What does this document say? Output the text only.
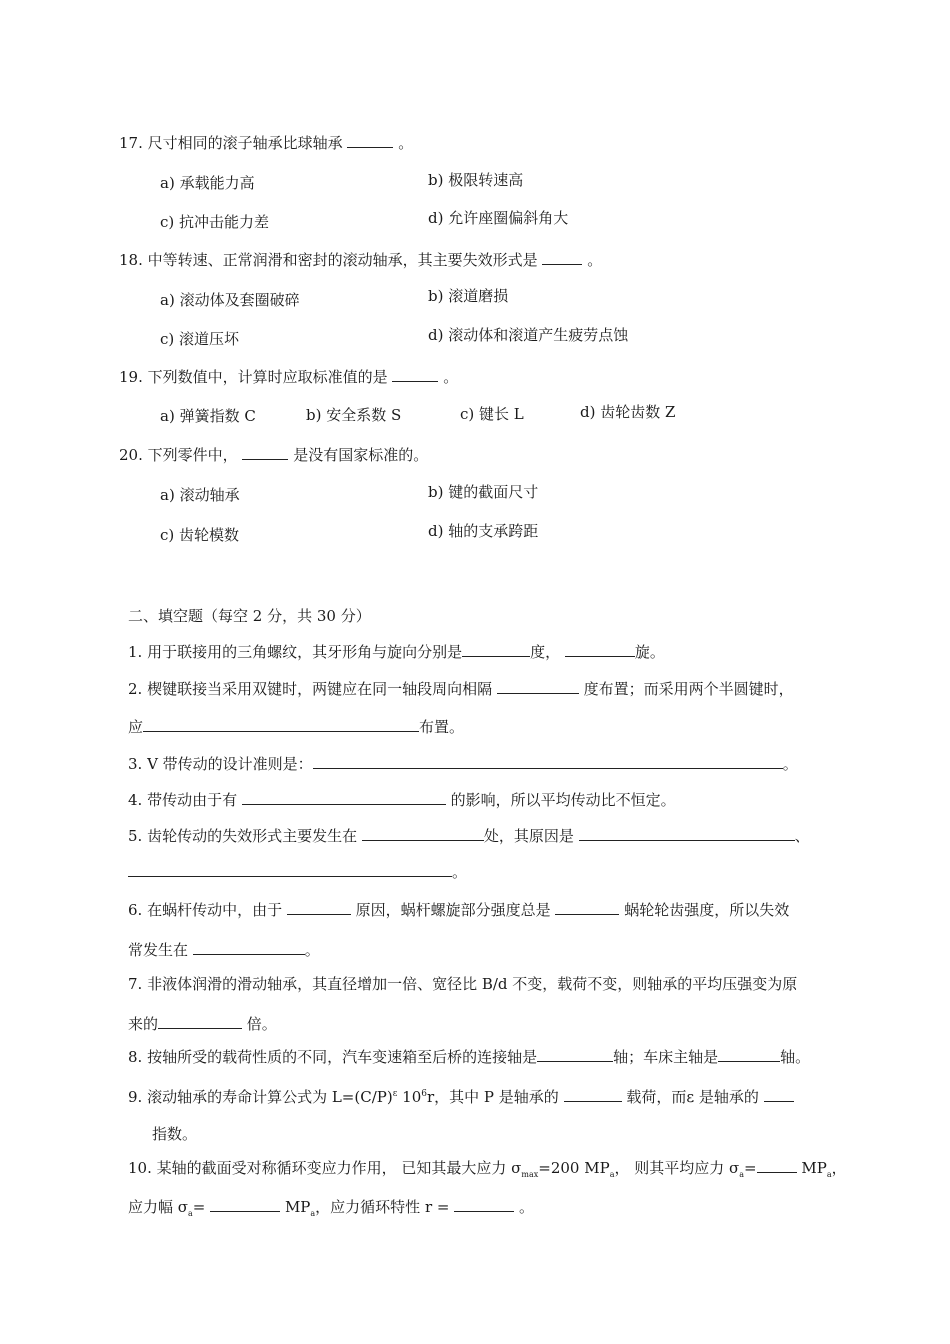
17. 尺寸相同的滚子轴承比球轴承	。
a) 承载能力高	b) 极限转速高
c) 抗冲击能力差	d) 允许座圈偏斜角大
18. 中等转速、正常润滑和密封的滚动轴承，其主要失效形式是	。
a) 滚动体及套圈破碎	b) 滚道磨损
c) 滚道压坏	d) 滚动体和滚道产生疲劳点蚀
19. 下列数值中，计算时应取标准值的是	。
a) 弹簧指数 C	b) 安全系数 S	c) 键长 L	d) 齿轮齿数 Z
20. 下列零件中，	是没有国家标准的。
a) 滚动轴承	b) 键的截面尺寸
c) 齿轮模数	d) 轴的支承跨距
二、填空题（每空 2 分，共 30 分）
1. 用于联接用的三角螺纹，其牙形角与旋向分别是	度，	旋。
2. 楔键联接当采用双键时，两键应在同一轴段周向相隔	度布置；而采用两个半圆键时，
应	布置。
3. V 带传动的设计准则是：	。
4. 带传动由于有	的影响，所以平均传动比不恒定。
5. 齿轮传动的失效形式主要发生在	处，其原因是	、
。
6. 在蜗杆传动中，由于	原因，蜗杆螺旋部分强度总是	蜗轮轮齿强度，所以失效
常发生在	。
7. 非液体润滑的滑动轴承，其直径增加一倍、宽径比 B/d 不变，载荷不变，则轴承的平均压强变为原
来的	倍。
8. 按轴所受的载荷性质的不同，汽车变速箱至后桥的连接轴是	轴；车床主轴是	轴。
9. 滚动轴承的寿命计算公式为 $L=(C/P)^\varepsilon$ $10^6r$，其中 P 是轴承的	载荷，而ε 是轴承的
指数。
10. 某轴的截面受对称循环变应力作用， 已知其最大应力 $\sigma_{max}=200$ $MP_a$， 则其平均应力 $\sigma_a=$	$MP_a$，
应力幅 $\sigma_a=$	$MP_a$，应力循环特性 r =	。
